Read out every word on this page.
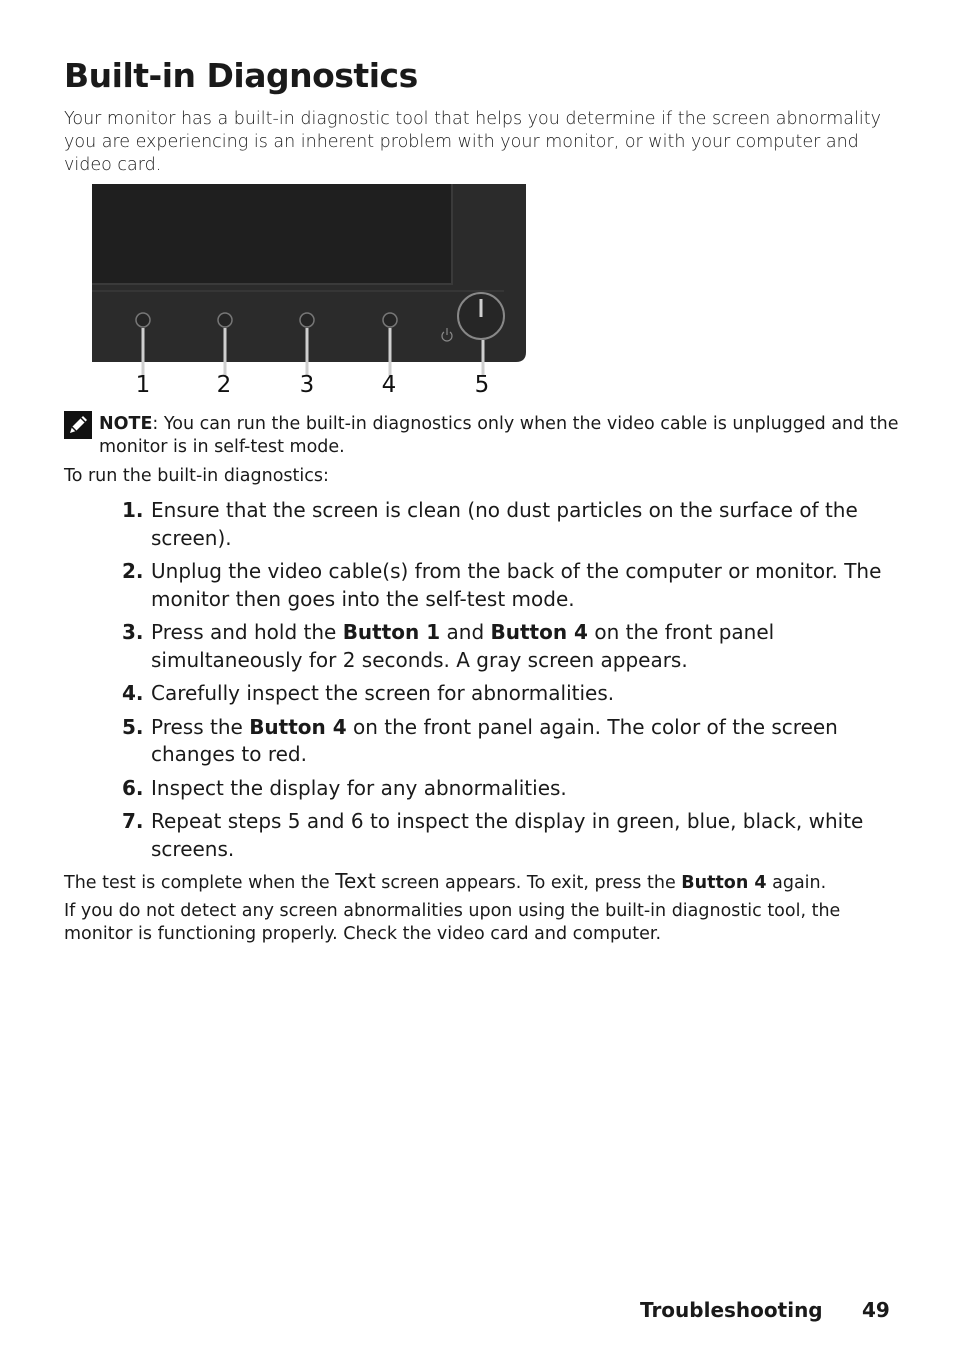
Built-in Diagnostics

Your monitor has a built-in diagnostic tool that helps you determine if the screen abnormality you are experiencing is an inherent problem with your monitor, or with your computer and video card.

1	2	3	4	5

NOTE: You can run the built-in diagnostics only when the video cable is unplugged and the monitor is in self-test mode.

To run the built-in diagnostics:

1. Ensure that the screen is clean (no dust particles on the surface of the screen).
2. Unplug the video cable(s) from the back of the computer or monitor. The monitor then goes into the self-test mode.
3. Press and hold the Button 1 and Button 4 on the front panel simultaneously for 2 seconds. A gray screen appears.
4. Carefully inspect the screen for abnormalities.
5. Press the Button 4 on the front panel again. The color of the screen changes to red.
6. Inspect the display for any abnormalities.
7. Repeat steps 5 and 6 to inspect the display in green, blue, black, white screens.

The test is complete when the Text screen appears. To exit, press the Button 4 again.

If you do not detect any screen abnormalities upon using the built-in diagnostic tool, the monitor is functioning properly. Check the video card and computer.

Troubleshooting 49
